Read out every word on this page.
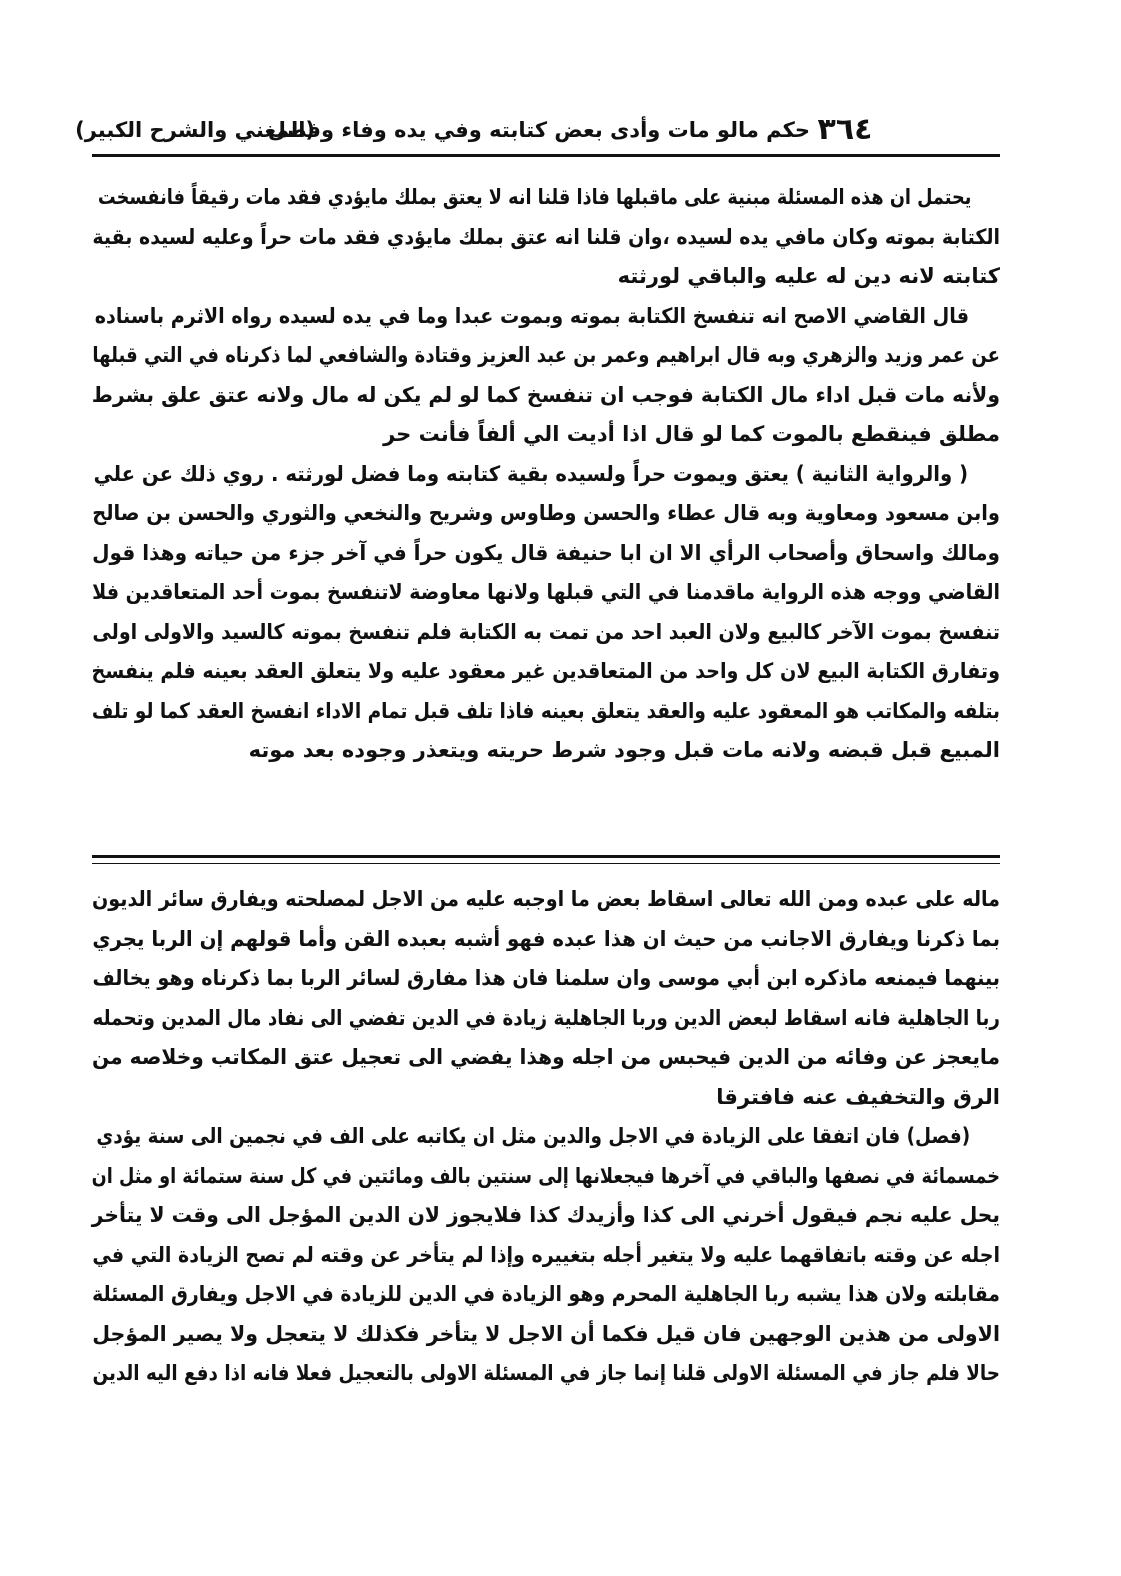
٣٦٤
حكم مالو مات وأدى بعض كتابته وفي يده وفاء وفضل
(المغني والشرح الكبير)
يحتمل ان هذه المسئلة مبنية على ماقبلها فاذا قلنا انه لا يعتق بملك مايؤدي فقد مات رقيقاً فانفسخت
الكتابة بموته وكان مافي يده لسيده ،وان قلنا انه عتق بملك مايؤدي فقد مات حراً وعليه لسيده بقية
كتابته لانه دين له عليه والباقي لورثته
قال القاضي الاصح انه تنفسخ الكتابة بموته وبموت عبدا وما في يده لسيده رواه الاثرم باسناده
عن عمر وزيد والزهري وبه قال ابراهيم وعمر بن عبد العزيز وقتادة والشافعي لما ذكرناه في التي قبلها
ولأنه مات قبل اداء مال الكتابة فوجب ان تنفسخ كما لو لم يكن له مال ولانه عتق علق بشرط
مطلق فينقطع بالموت كما لو قال اذا أديت الي ألفاً فأنت حر
( والرواية الثانية ) يعتق ويموت حراً ولسيده بقية كتابته وما فضل لورثته . روي ذلك عن علي
وابن مسعود ومعاوية وبه قال عطاء والحسن وطاوس وشريح والنخعي والثوري والحسن بن صالح
ومالك واسحاق وأصحاب الرأي الا ان ابا حنيفة قال يكون حراً في آخر جزء من حياته وهذا قول
القاضي ووجه هذه الرواية ماقدمنا في التي قبلها ولانها معاوضة لاتنفسخ بموت أحد المتعاقدين فلا
تنفسخ بموت الآخر كالبيع ولان العبد احد من تمت به الكتابة فلم تنفسخ بموته كالسيد والاولى اولى
وتفارق الكتابة البيع لان كل واحد من المتعاقدين غير معقود عليه ولا يتعلق العقد بعينه فلم ينفسخ
بتلفه والمكاتب هو المعقود عليه والعقد يتعلق بعينه فاذا تلف قبل تمام الاداء انفسخ العقد كما لو تلف
المبيع قبل قبضه ولانه مات قبل وجود شرط حريته ويتعذر وجوده بعد موته
ماله على عبده ومن الله تعالى اسقاط بعض ما اوجبه عليه من الاجل لمصلحته ويفارق سائر الديون
بما ذكرنا ويفارق الاجانب من حيث ان هذا عبده فهو أشبه بعبده القن وأما قولهم إن الربا يجري
بينهما فيمنعه ماذكره ابن أبي موسى وان سلمنا فان هذا مفارق لسائر الربا بما ذكرناه وهو يخالف
ربا الجاهلية فانه اسقاط لبعض الدين وربا الجاهلية زيادة في الدين تفضي الى نفاد مال المدين وتحمله
مايعجز عن وفائه من الدين فيحبس من اجله وهذا يفضي الى تعجيل عتق المكاتب وخلاصه من
الرق والتخفيف عنه فافترقا
(فصل) فان اتفقا على الزيادة في الاجل والدين مثل ان يكاتبه على الف في نجمين الى سنة يؤدي
خمسمائة في نصفها والباقي في آخرها فيجعلانها إلى سنتين بالف ومائتين في كل سنة ستمائة او مثل ان
يحل عليه نجم فيقول أخرني الى كذا وأزيدك كذا فلايجوز لان الدين المؤجل الى وقت لا يتأخر
اجله عن وقته باتفاقهما عليه ولا يتغير أجله بتغييره وإذا لم يتأخر عن وقته لم تصح الزيادة التي في
مقابلته ولان هذا يشبه ربا الجاهلية المحرم وهو الزيادة في الدين للزيادة في الاجل ويفارق المسئلة
الاولى من هذين الوجهين فان قيل فكما أن الاجل لا يتأخر فكذلك لا يتعجل ولا يصير المؤجل
حالا فلم جاز في المسئلة الاولى قلنا إنما جاز في المسئلة الاولى بالتعجيل فعلا فانه اذا دفع اليه الدين
